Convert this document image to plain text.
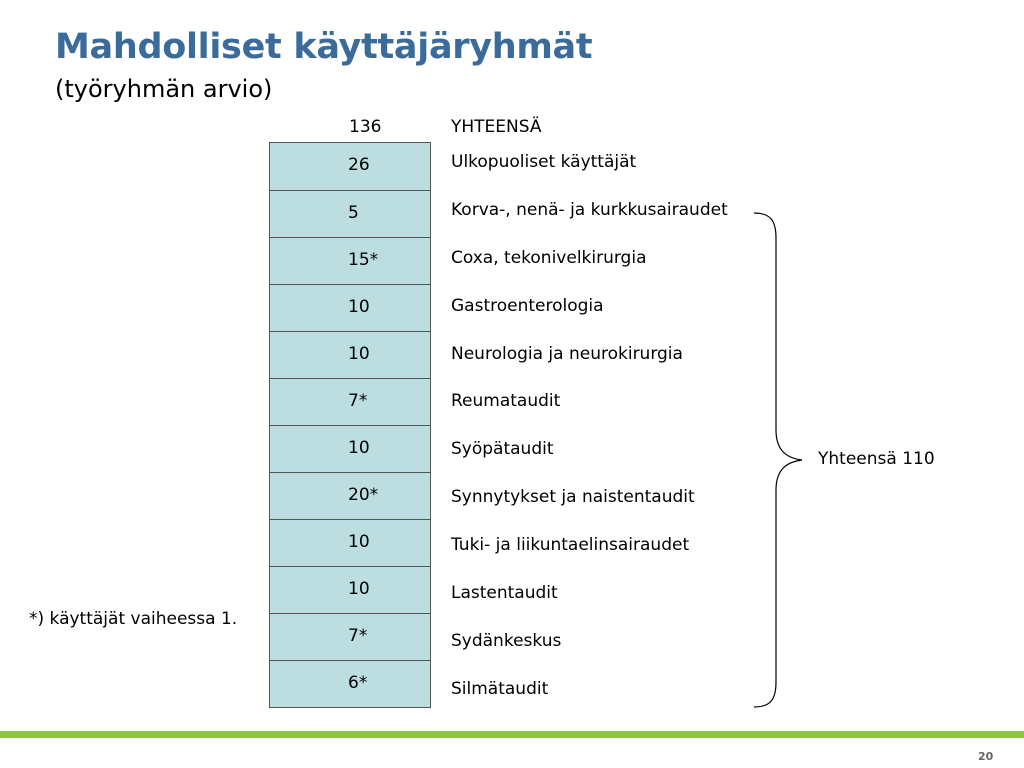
Mahdolliset käyttäjäryhmät
(työryhmän arvio)
136	YHTEENSÄ
26
5
15*
10
10
7*
10
20*
10
10
7*
6*
Ulkopuoliset käyttäjät
Korva-, nenä- ja kurkkusairaudet
Coxa, tekonivelkirurgia
Gastroenterologia
Neurologia ja neurokirurgia
Reumataudit
Syöpätaudit
Synnytykset ja naistentaudit
Tuki- ja liikuntaelinsairaudet
Lastentaudit
Sydänkeskus
Silmätaudit
Yhteensä 110
*) käyttäjät vaiheessa 1.
20
